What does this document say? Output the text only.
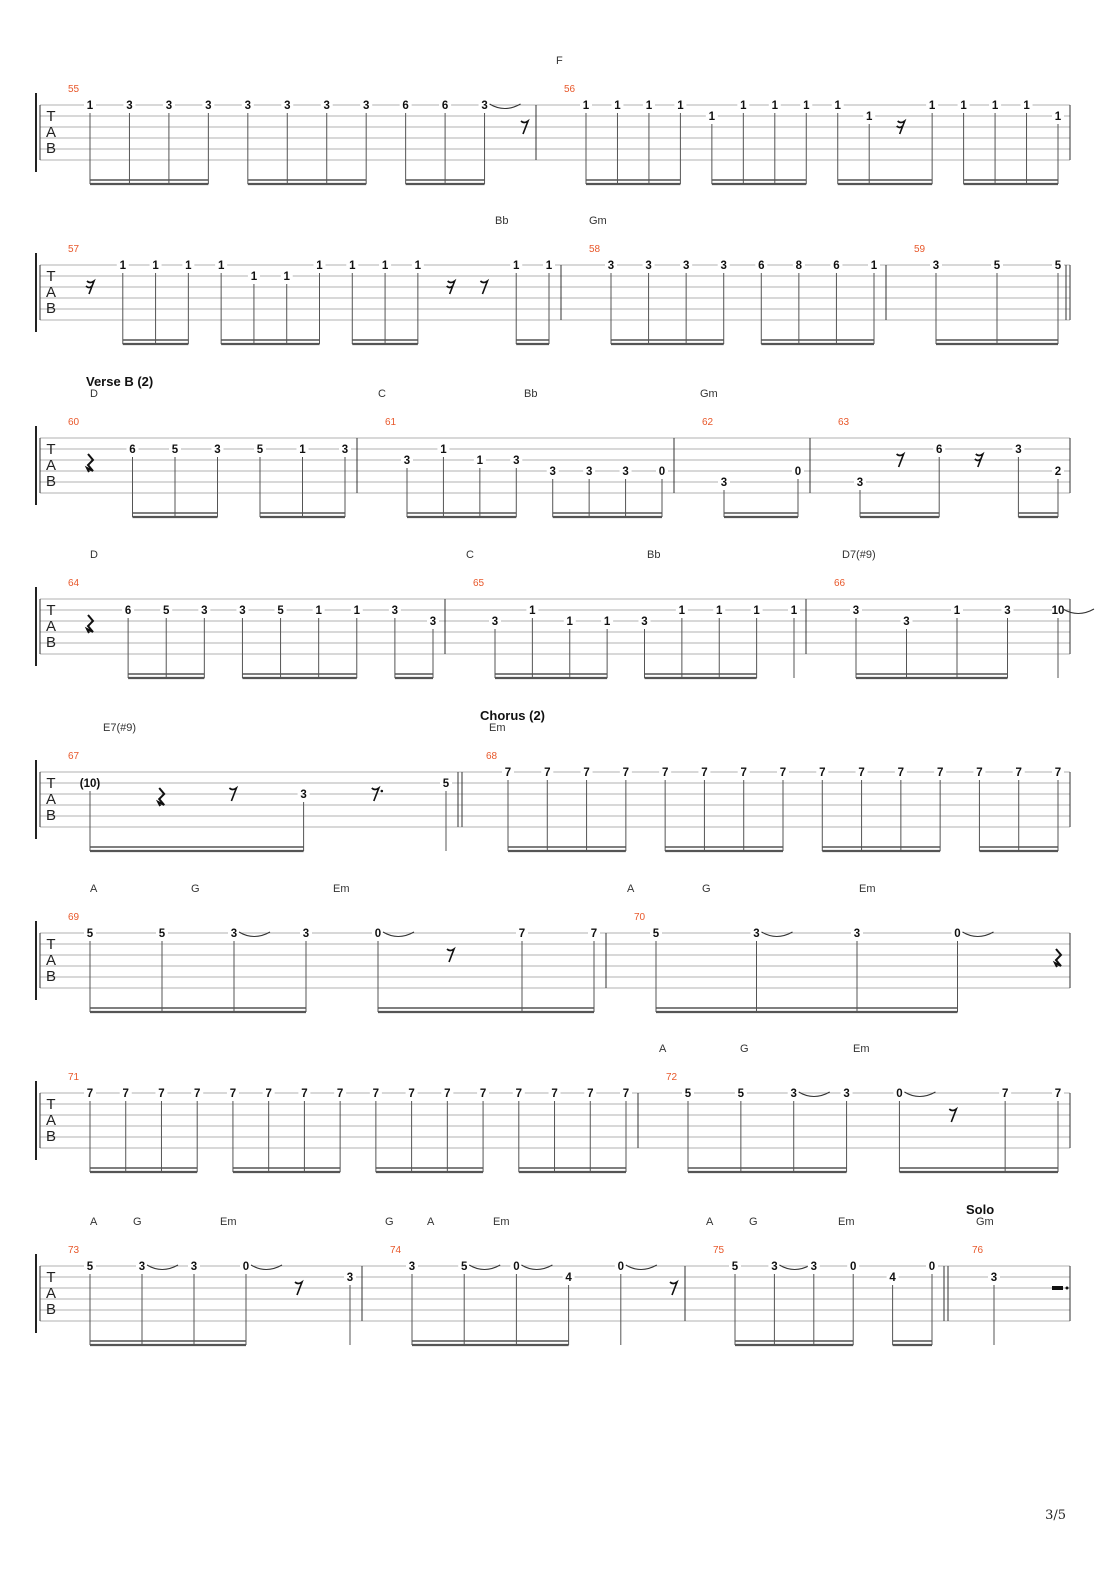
T
A
B
F
55
1	3	3	3	3	3	3	3	6	6	3
56
1 1 1 1
1
1 1 1 1
1
1 1 1 1
1
T
A
B
Bb	Gm
57
1 1 1 1
1 1
1 1 1 1	1 1
58
3	3	3	3	6	8	6	1
59
3	5	5
T
A
B
D	C	Bb	Gm
Verse B (2)
60
6	5	3	5	1	3
61
3
1
1	3
3	3	3	0
62
3
0
63
3
6	3
2
T
A
B
D	C	Bb	D7(#9)
64
6	5	3	3	5	1	1	3
3
65
3
1
1	1	3
1	1	1	1
66
3
3
1	3	10
T
A
B
E7(#9)	Em
Chorus (2)
67
(10)
3
5
68
7	7	7	7	7	7	7	7	7	7	7	7	7	7	7
T
A
B
A	G	Em	A	G	Em
69
5	5	3	3	0	7	7
70
5	3	3	0
T
A
B
A	G	Em
71
7	7	7	7	7	7	7	7	7	7	7	7	7	7	7	7
72
5	5	3	3	0	7	7
T
A
B
A	G	Em	G	A	Em	A	G	Em	Gm
Solo
73
5	3	3	0
3
74
3	5	0
4
0
75
5	3	3	0
4
0
76
3
3/5
